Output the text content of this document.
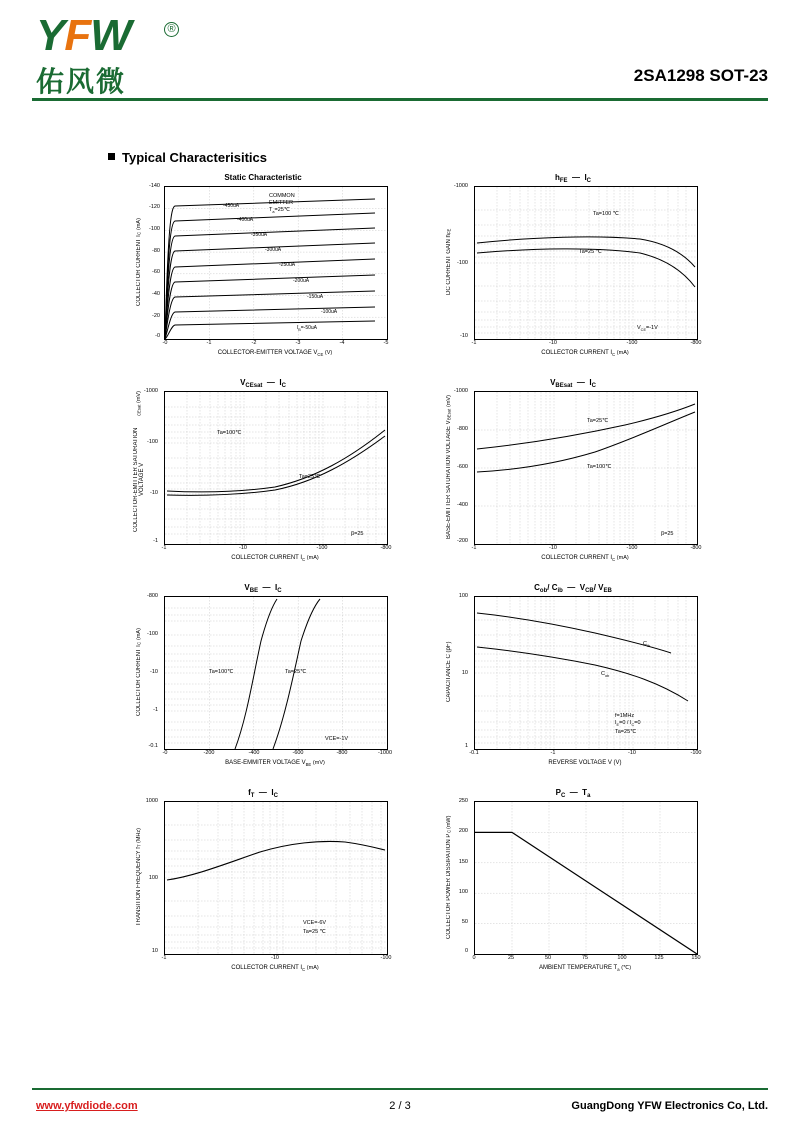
YFW	®
佑风微	2SA1298 SOT-23
Typical Characterisitics
Static Characteristic
COLLECTOR CURRENT I
C

(mA)
COMMON
EMITTER
$T_a=25℃$
-450uA
-400uA
-350uA
-300uA
-250uA
-200uA
-150uA
-100uA
$I_B=-50uA$
-140
-120
-100
-80
-60
-40
-20
-0
-0	-1	-2	-3	-4	-5
COLLECTOR-EMITTER VOLTAGE $V_{CE}$ (V)
$h_{FE}$  —  $I_C$
DC CURRENT GAIN h
FE
Ta=100 ℃
Ta=25 ℃
$V_{CE}=-1V$
-1000
-100
-10
-1	-10	-100	-800
COLLECTOR CURRENT $I_C$ (mA)
$V_{CEsat}$  —  $I_C$
COLLECTOR-EMITTER SATURATION VOLTAGE V
CEsat

(mV)
Ta=100℃
Ta=25℃
β=25
-1000
-100
-10
-1
-1	-10	-100	-800
COLLECTOR CURRENT $I_C$ (mA)
$V_{BEsat}$  —  $I_C$
BASE-EMITTER SATURATION VOLTAGE V
BEsat

(mV)
Ta=25℃
Ta=100℃
β=25
-1000
-800
-600
-400
-200
-1	-10	-100	-800
COLLECTOR CURRENT $I_C$ (mA)
$V_{BE}$  —  $I_C$
COLLECTOR CURRENT I
C

(mA)
Ta=100℃	Ta=25℃
VCE=-1V
-800
-100
-10
-1
-0.1
-0	-200	-400	-600	-800	-1000
BASE-EMMITER VOLTAGE $V_{BE}$ (mV)
$C_{ob}/$ $C_{ib}$  —  $V_{CB}/$ $V_{EB}$
CAPACITANCE C (pF)	$C_{ib}$
$C_{ob}$
f=1MHz
$I_E=0 / I_C=0$
Ta=25℃
100
10
1
-0.1	-1	-10	-100
REVERSE VOLTAGE V (V)
$f_T$  —  $I_C$
TRANSITION FREQUENCY f
T

(MHz)
VCE=-6V
Ta=25 ℃
1000
100
10
-1	-10	-100
COLLECTOR CURRENT $I_C$ (mA)
$P_C$  —  $T_a$
COLLECTOR POWER DISSIPATION P
C

(mW)
250
200
150
100
50
0
0	25	50	75	100	125	150
AMBIENT TEMPERATURE $T_a$ (℃)
www.yfwdiode.com	2 / 3	GuangDong YFW Electronics Co, Ltd.
